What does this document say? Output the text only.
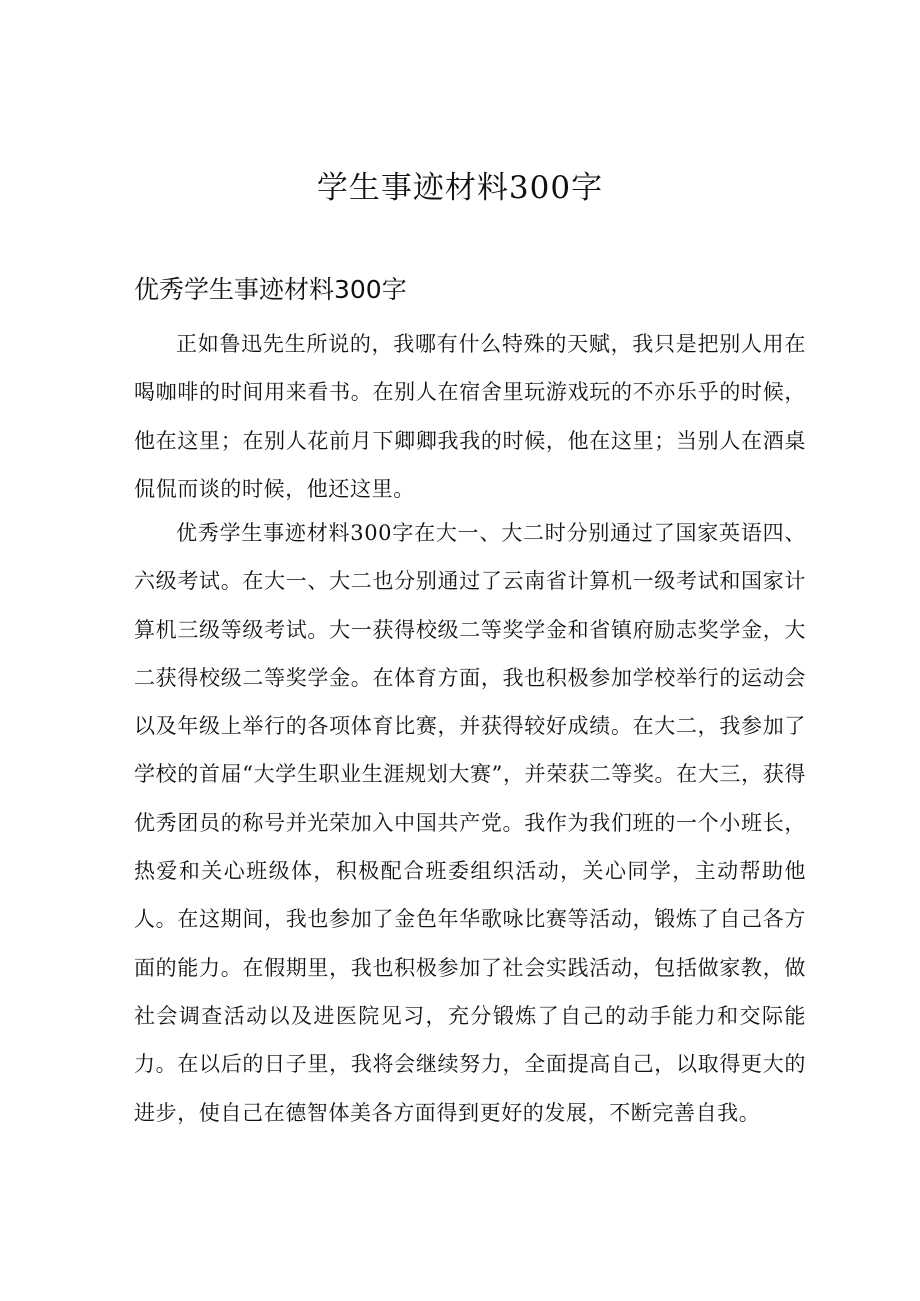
学生事迹材料300字
优秀学生事迹材料300字

正如鲁迅先生所说的，我哪有什么特殊的天赋，我只是把别人用在喝咖啡的时间用来看书。在别人在宿舍里玩游戏玩的不亦乐乎的时候，他在这里；在别人花前月下卿卿我我的时候，他在这里；当别人在酒桌侃侃而谈的时候，他还这里。

优秀学生事迹材料300字在大一、大二时分别通过了国家英语四、六级考试。在大一、大二也分别通过了云南省计算机一级考试和国家计算机三级等级考试。大一获得校级二等奖学金和省镇府励志奖学金，大二获得校级二等奖学金。在体育方面，我也积极参加学校举行的运动会以及年级上举行的各项体育比赛，并获得较好成绩。在大二，我参加了学校的首届“大学生职业生涯规划大赛”，并荣获二等奖。在大三，获得优秀团员的称号并光荣加入中国共产党。我作为我们班的一个小班长，热爱和关心班级体，积极配合班委组织活动，关心同学，主动帮助他人。在这期间，我也参加了金色年华歌咏比赛等活动，锻炼了自己各方面的能力。在假期里，我也积极参加了社会实践活动，包括做家教，做社会调查活动以及进医院见习，充分锻炼了自己的动手能力和交际能力。在以后的日子里，我将会继续努力，全面提高自己，以取得更大的进步，使自己在德智体美各方面得到更好的发展，不断完善自我。
